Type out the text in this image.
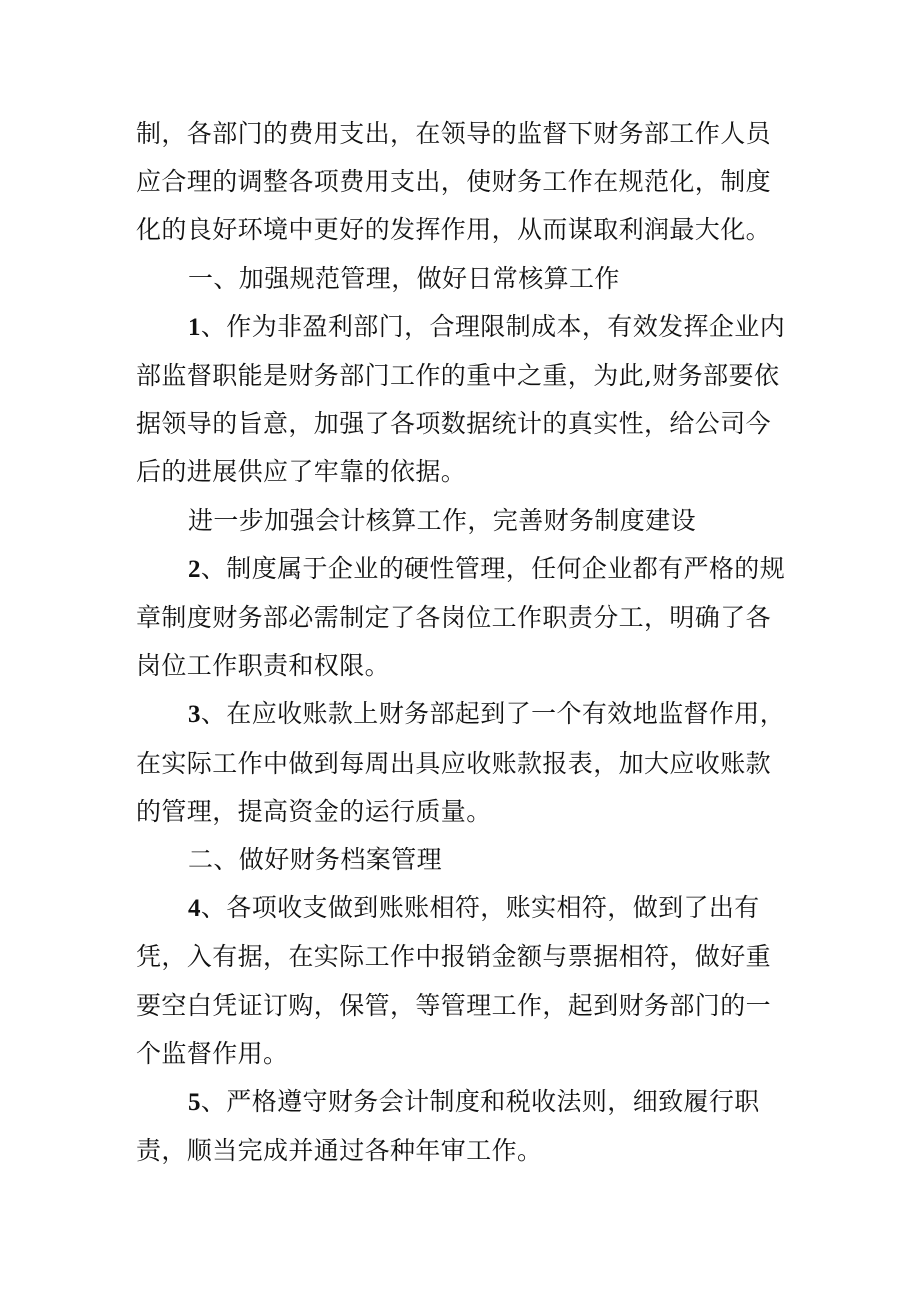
制，各部门的费用支出，在领导的监督下财务部工作人员应合理的调整各项费用支出，使财务工作在规范化，制度化的良好环境中更好的发挥作用，从而谋取利润最大化。

一、加强规范管理，做好日常核算工作

1、作为非盈利部门，合理限制成本，有效发挥企业内部监督职能是财务部门工作的重中之重，为此,财务部要依据领导的旨意，加强了各项数据统计的真实性，给公司今后的进展供应了牢靠的依据。

进一步加强会计核算工作，完善财务制度建设

2、制度属于企业的硬性管理，任何企业都有严格的规章制度财务部必需制定了各岗位工作职责分工，明确了各岗位工作职责和权限。

3、在应收账款上财务部起到了一个有效地监督作用，在实际工作中做到每周出具应收账款报表，加大应收账款的管理，提高资金的运行质量。

二、做好财务档案管理

4、各项收支做到账账相符，账实相符，做到了出有凭，入有据，在实际工作中报销金额与票据相符，做好重要空白凭证订购，保管，等管理工作，起到财务部门的一个监督作用。

5、严格遵守财务会计制度和税收法则，细致履行职责，顺当完成并通过各种年审工作。
